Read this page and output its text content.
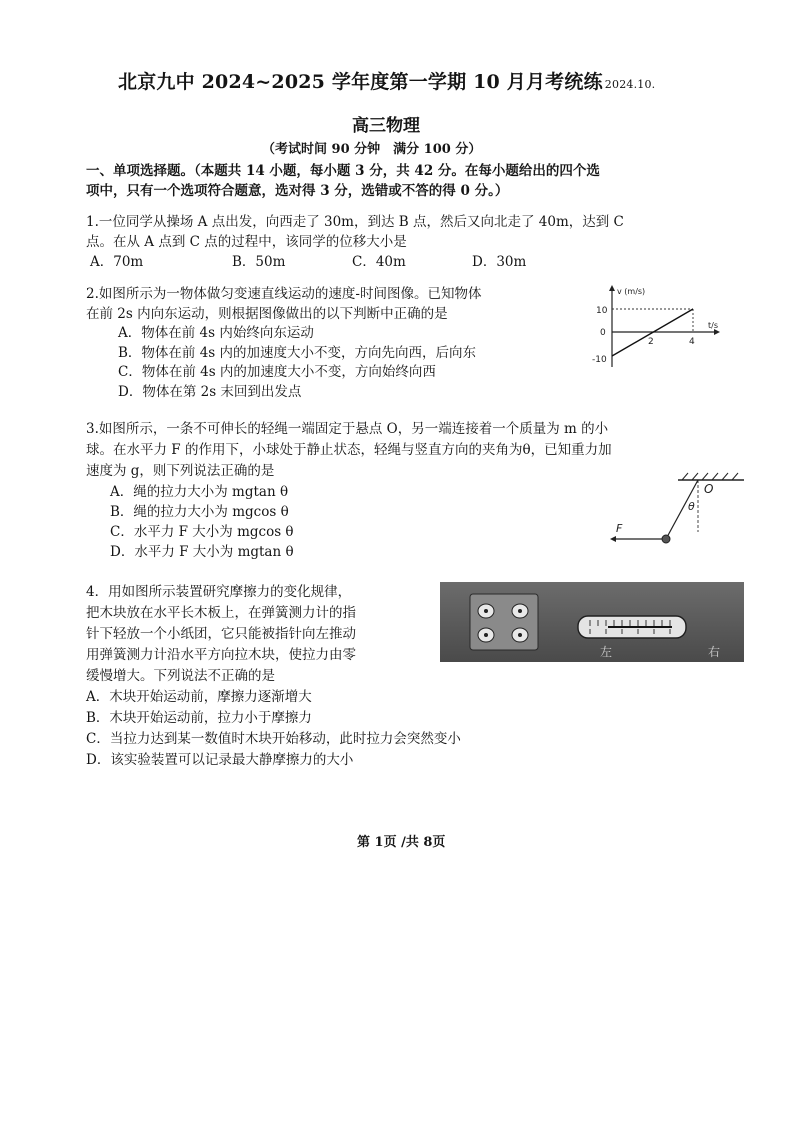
北京九中 2024~2025 学年度第一学期 10 月月考统练 2024.10.
高三物理
（考试时间 90 分钟　满分 100 分）
一、单项选择题。（本题共 14 小题，每小题 3 分，共 42 分。在每小题给出的四个选
项中，只有一个选项符合题意，选对得 3 分，选错或不答的得 0 分。）
1.一位同学从操场 A 点出发，向西走了 30m，到达 B 点，然后又向北走了 40m，达到 C
点。在从 A 点到 C 点的过程中，该同学的位移大小是
A．70m	B．50m	C．40m	D．30m
2.如图所示为一物体做匀变速直线运动的速度-时间图像。已知物体
在前 2s 内向东运动，则根据图像做出的以下判断中正确的是
A．物体在前 4s 内始终向东运动
B．物体在前 4s 内的加速度大小不变，方向先向西，后向东
C．物体在前 4s 内的加速度大小不变，方向始终向西
D．物体在第 2s 末回到出发点
v (m/s)
t/s
10
0
-10
2	4
3.如图所示，一条不可伸长的轻绳一端固定于悬点 O，另一端连接着一个质量为 m 的小
球。在水平力 F 的作用下，小球处于静止状态，轻绳与竖直方向的夹角为θ，已知重力加
速度为 g，则下列说法正确的是
A．绳的拉力大小为 mgtan θ
B．绳的拉力大小为 mgcos θ
C．水平力 F 大小为 mgcos θ
D．水平力 F 大小为 mgtan θ
O
θ
F
4．用如图所示装置研究摩擦力的变化规律，
把木块放在水平长木板上，在弹簧测力计的指
针下轻放一个小纸团，它只能被指针向左推动
用弹簧测力计沿水平方向拉木块，使拉力由零
缓慢增大。下列说法不正确的是
A．木块开始运动前，摩擦力逐渐增大
B．木块开始运动前，拉力小于摩擦力
C．当拉力达到某一数值时木块开始移动，此时拉力会突然变小
D．该实验装置可以记录最大静摩擦力的大小
左	右
第 1页 /共 8页
